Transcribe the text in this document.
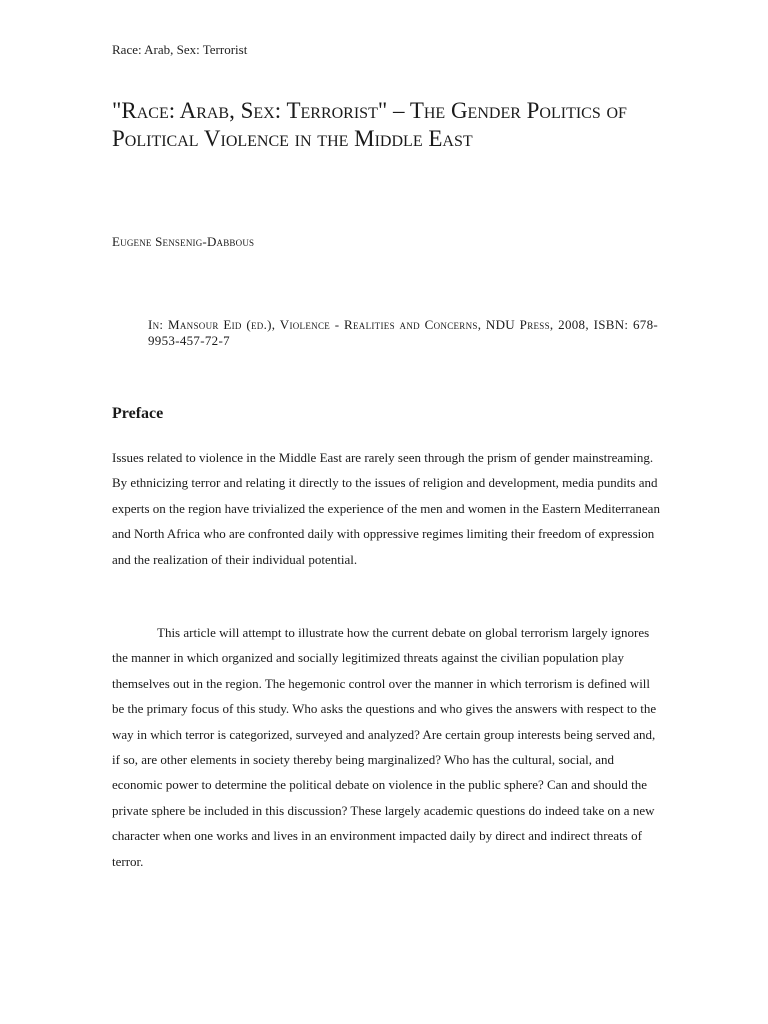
Race: Arab, Sex: Terrorist
"Race: Arab, Sex: Terrorist" – The Gender Politics of Political Violence in the Middle East
Eugene Sensenig-Dabbous
In: Mansour Eid (ed.), Violence - Realities and Concerns, NDU Press, 2008, ISBN: 678-9953-457-72-7
Preface

Issues related to violence in the Middle East are rarely seen through the prism of gender mainstreaming. By ethnicizing terror and relating it directly to the issues of religion and development, media pundits and experts on the region have trivialized the experience of the men and women in the Eastern Mediterranean and North Africa who are confronted daily with oppressive regimes limiting their freedom of expression and the realization of their individual potential.

This article will attempt to illustrate how the current debate on global terrorism largely ignores the manner in which organized and socially legitimized threats against the civilian population play themselves out in the region. The hegemonic control over the manner in which terrorism is defined will be the primary focus of this study. Who asks the questions and who gives the answers with respect to the way in which terror is categorized, surveyed and analyzed? Are certain group interests being served and, if so, are other elements in society thereby being marginalized? Who has the cultural, social, and economic power to determine the political debate on violence in the public sphere? Can and should the private sphere be included in this discussion? These largely academic questions do indeed take on a new character when one works and lives in an environment impacted daily by direct and indirect threats of terror.
